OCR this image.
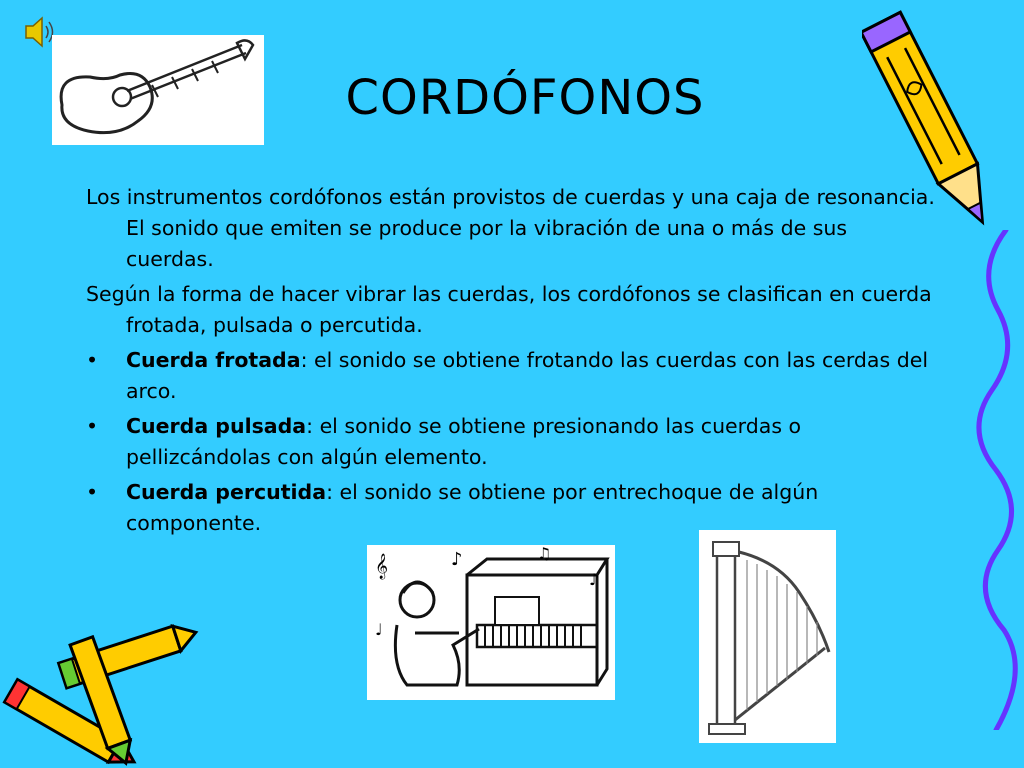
CORDÓFONOS

Los instrumentos cordófonos están provistos de cuerdas y una caja de resonancia. El sonido que emiten se produce por la vibración de una o más de sus cuerdas.

Según la forma de hacer vibrar las cuerdas, los cordófonos se clasifican en cuerda frotada, pulsada o percutida.

• Cuerda frotada: el sonido se obtiene frotando las cuerdas con las cerdas del arco.
• Cuerda pulsada: el sonido se obtiene presionando las cuerdas o pellizcándolas con algún elemento.
• Cuerda percutida: el sonido se obtiene por entrechoque de algún componente.
𝄞	♪	♫
♪
♩
